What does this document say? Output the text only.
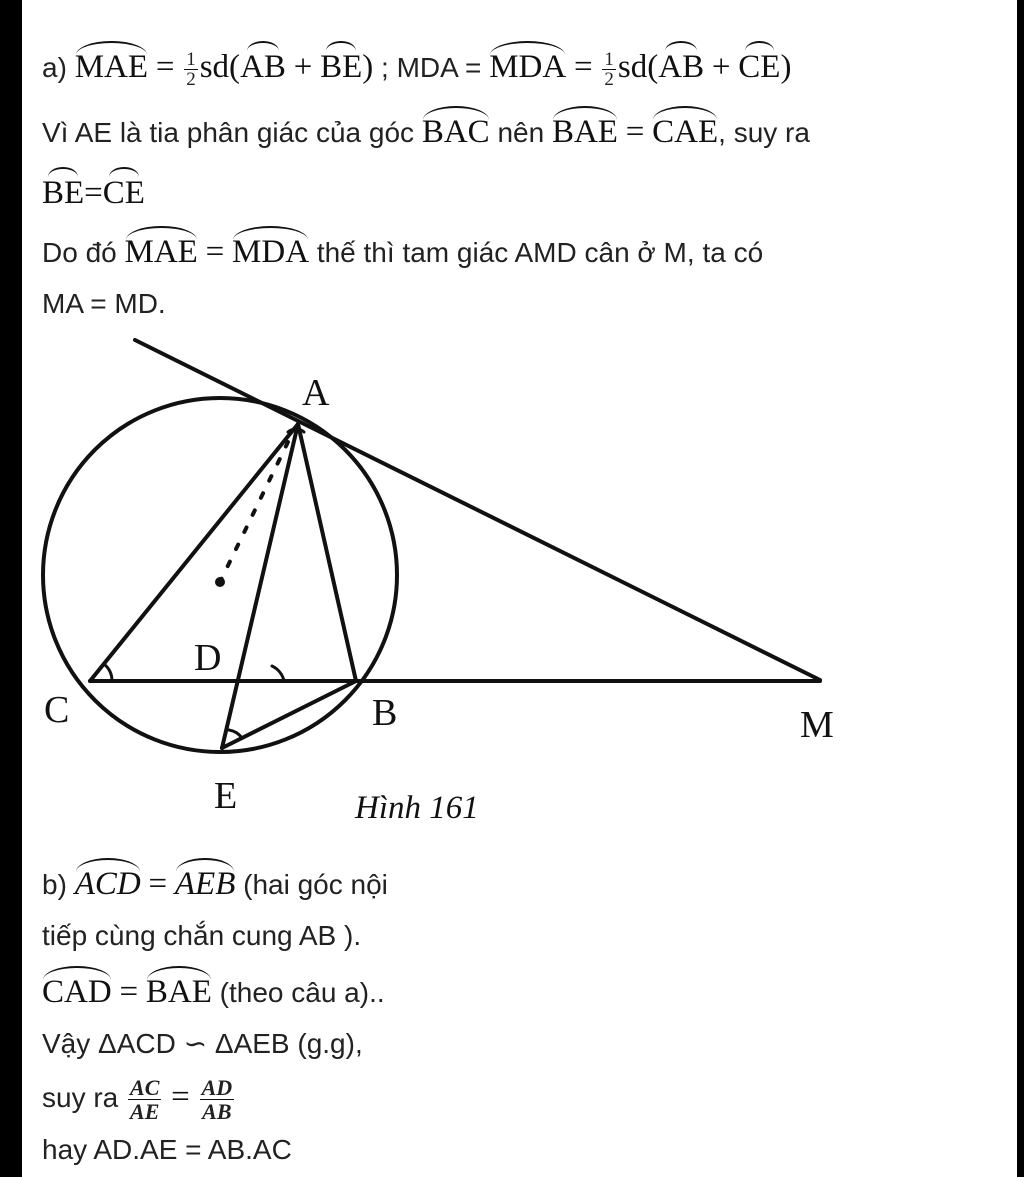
a) MAE = $\frac{1}{2} sd(AB + BE)$ ; MDA = MDA = $\frac{1}{2} sd(AB + CE)$
Vì AE là tia phân giác của góc BAC nên BAE = CAE, suy ra
BE=CE
Do đó MAE = MDA thế thì tam giác AMD cân ở M, ta có
MA = MD.
A
C
D
B	M
E	Hình 161
b) ACD = AEB (hai góc nội
tiếp cùng chắn cung AB ).
CAD = BAE (theo câu a)..
Vậy ΔACD ∽ ΔAEB (g.g),
suy ra $\frac{AC}{AE} = \frac{AD}{AB}$
hay AD.AE = AB.AC
